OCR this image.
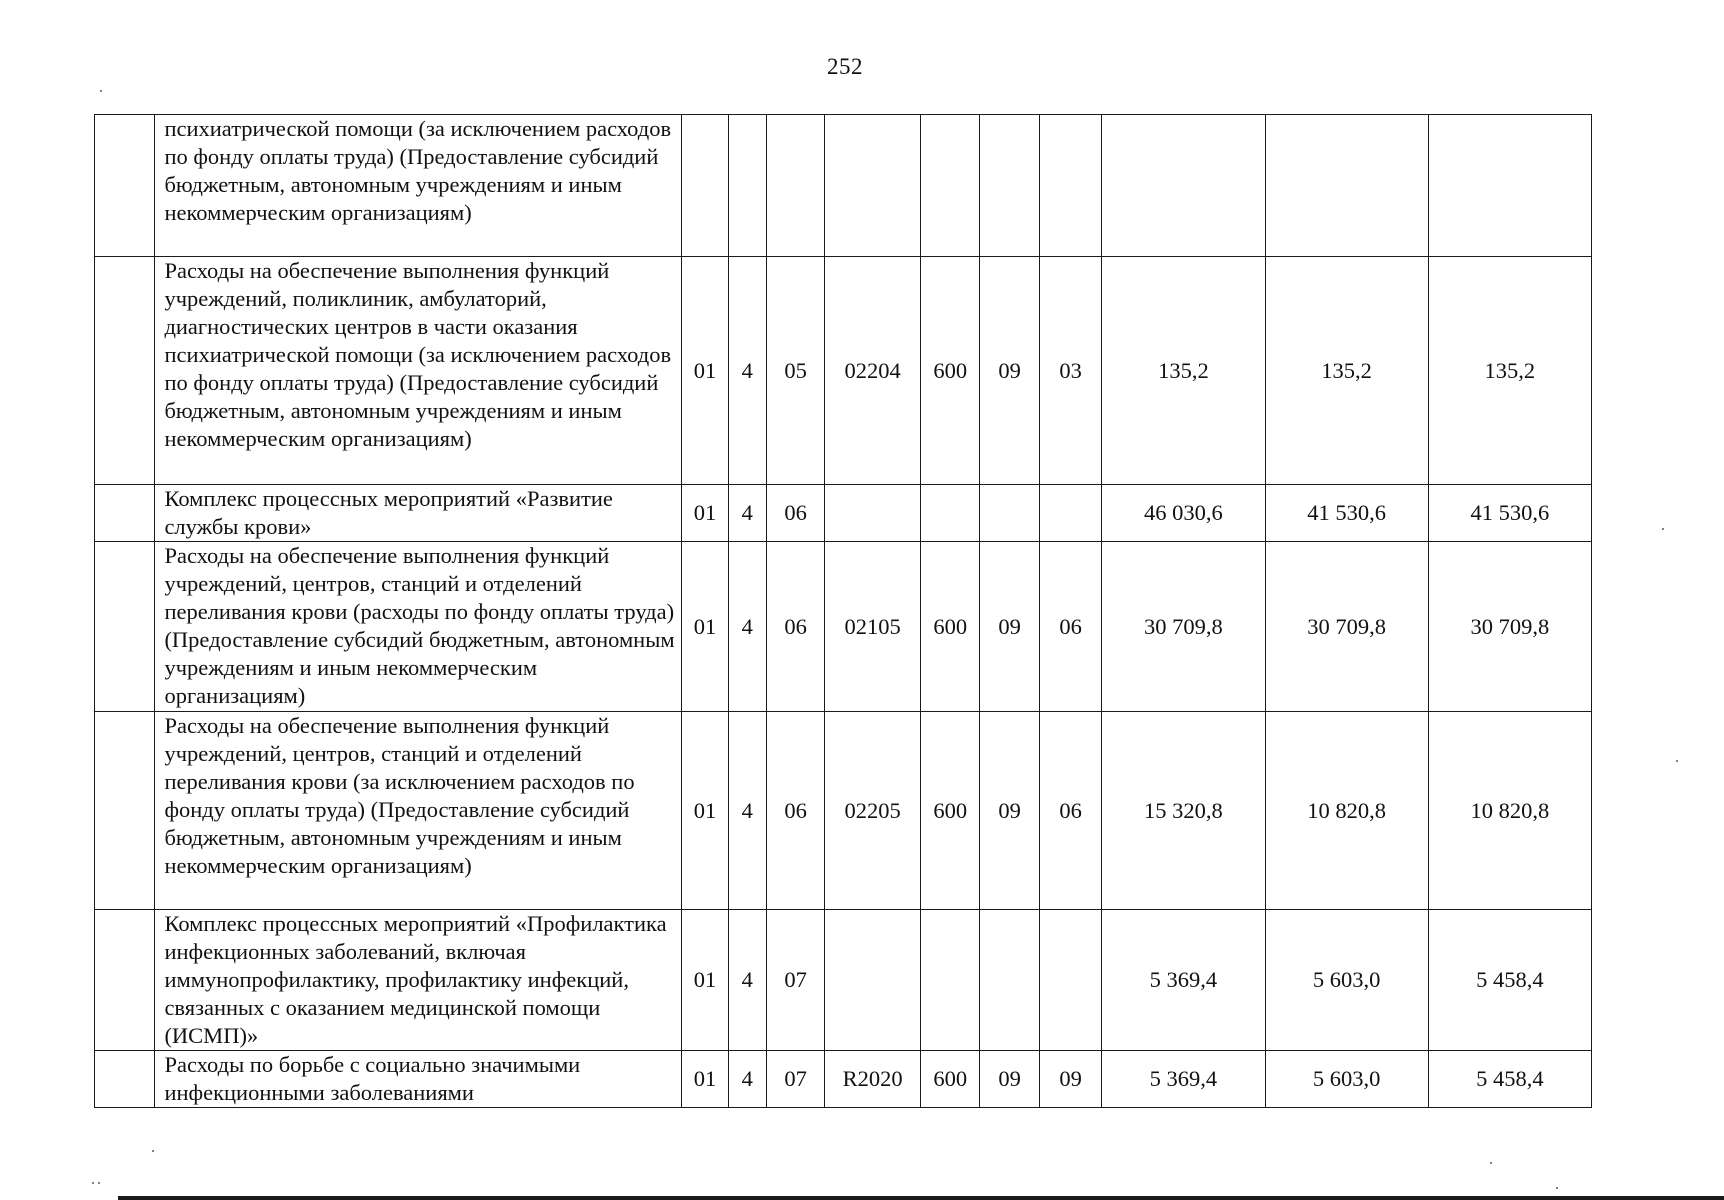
252
	психиатрической помощи (за исключением расходов по фонду оплаты труда) (Предоставление субсидий бюджетным, автономным учреждениям и иным некоммерческим организациям)										
	Расходы на обеспечение выполнения функций учреждений, поликлиник, амбулаторий, диагностических центров в части оказания психиатрической помощи (за исключением расходов по фонду оплаты труда) (Предоставление субсидий бюджетным, автономным учреждениям и иным некоммерческим организациям)	01	4	05	02204	600	09	03	135,2	135,2	135,2
	Комплекс процессных мероприятий «Развитие службы крови»	01	4	06					46 030,6	41 530,6	41 530,6
	Расходы на обеспечение выполнения функций учреждений, центров, станций и отделений переливания крови (расходы по фонду оплаты труда) (Предоставление субсидий бюджетным, автономным учреждениям и иным некоммерческим организациям)	01	4	06	02105	600	09	06	30 709,8	30 709,8	30 709,8
	Расходы на обеспечение выполнения функций учреждений, центров, станций и отделений переливания крови (за исключением расходов по фонду оплаты труда) (Предоставление субсидий бюджетным, автономным учреждениям и иным некоммерческим организациям)	01	4	06	02205	600	09	06	15 320,8	10 820,8	10 820,8
	Комплекс процессных мероприятий «Профилактика инфекционных заболеваний, включая иммунопрофилактику, профилактику инфекций, связанных с оказанием медицинской помощи (ИСМП)»	01	4	07					5 369,4	5 603,0	5 458,4
	Расходы по борьбе с социально значимыми инфекционными заболеваниями	01	4	07	R2020	600	09	09	5 369,4	5 603,0	5 458,4
